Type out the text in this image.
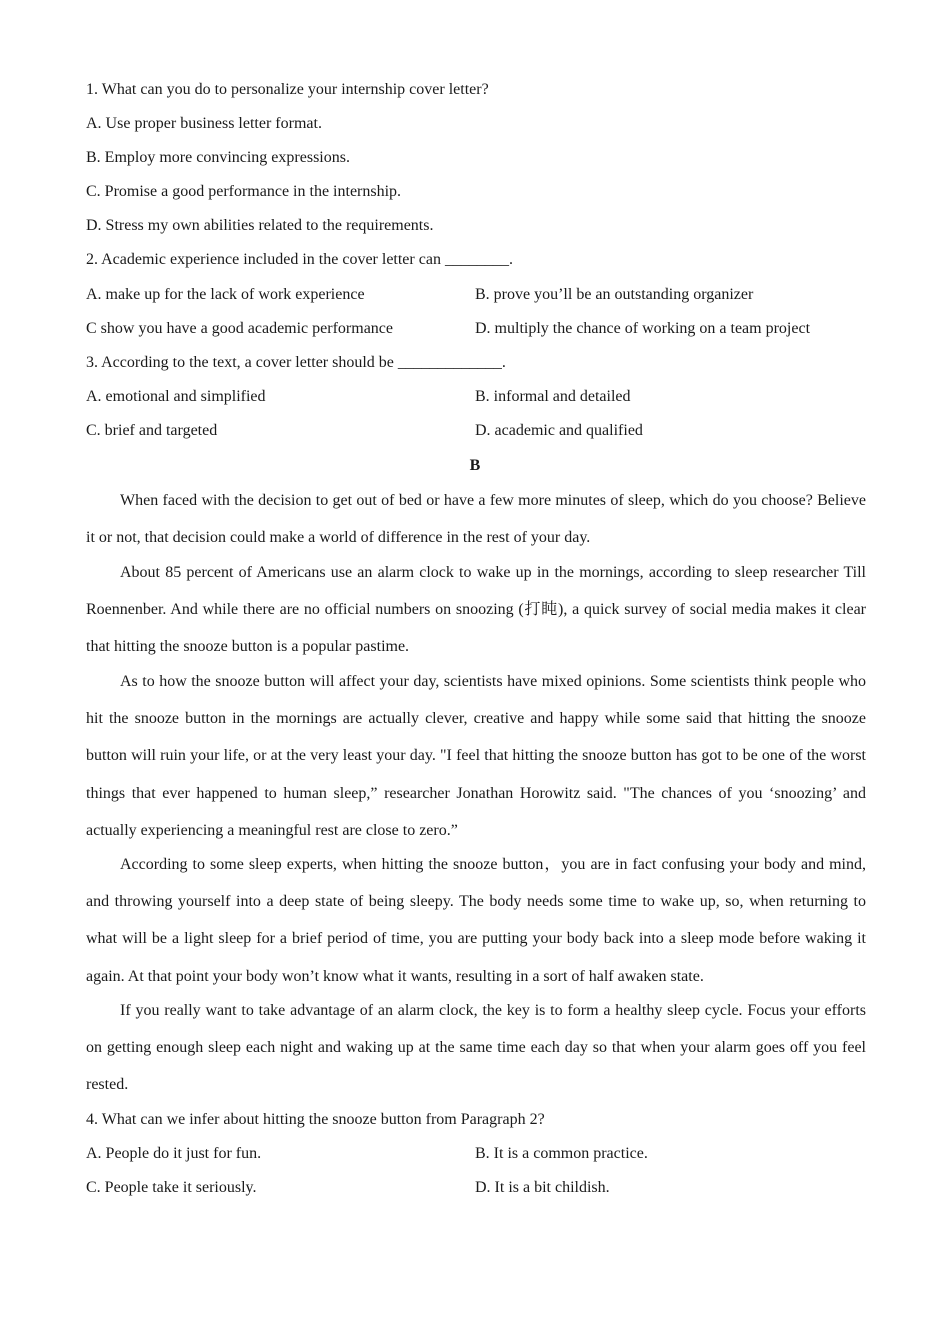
1. What can you do to personalize your internship cover letter?
A. Use proper business letter format.
B. Employ more convincing expressions.
C. Promise a good performance in the internship.
D. Stress my own abilities related to the requirements.
2. Academic experience included in the cover letter can ________.
A. make up for the lack of work experience	B. prove you’ll be an outstanding organizer
C show you have a good academic performance	D. multiply the chance of working on a team project
3. According to the text, a cover letter should be _____________.
A. emotional and simplified	B. informal and detailed
C. brief and targeted	D. academic and qualified
B
When faced with the decision to get out of bed or have a few more minutes of sleep, which do you choose? Believe it or not, that decision could make a world of difference in the rest of your day.
About 85 percent of Americans use an alarm clock to wake up in the mornings, according to sleep researcher Till Roennenber. And while there are no official numbers on snoozing (打盹), a quick survey of social media makes it clear that hitting the snooze button is a popular pastime.
As to how the snooze button will affect your day, scientists have mixed opinions. Some scientists think people who hit the snooze button in the mornings are actually clever, creative and happy while some said that hitting the snooze button will ruin your life, or at the very least your day. "I feel that hitting the snooze button has got to be one of the worst things that ever happened to human sleep,” researcher Jonathan Horowitz said. "The chances of you ‘snoozing’ and actually experiencing a meaningful rest are close to zero.”
According to some sleep experts, when hitting the snooze button，you are in fact confusing your body and mind, and throwing yourself into a deep state of being sleepy. The body needs some time to wake up, so, when returning to what will be a light sleep for a brief period of time, you are putting your body back into a sleep mode before waking it again. At that point your body won’t know what it wants, resulting in a sort of half awaken state.
If you really want to take advantage of an alarm clock, the key is to form a healthy sleep cycle. Focus your efforts on getting enough sleep each night and waking up at the same time each day so that when your alarm goes off you feel rested.
4. What can we infer about hitting the snooze button from Paragraph 2?
A. People do it just for fun.	B. It is a common practice.
C. People take it seriously.	D. It is a bit childish.
